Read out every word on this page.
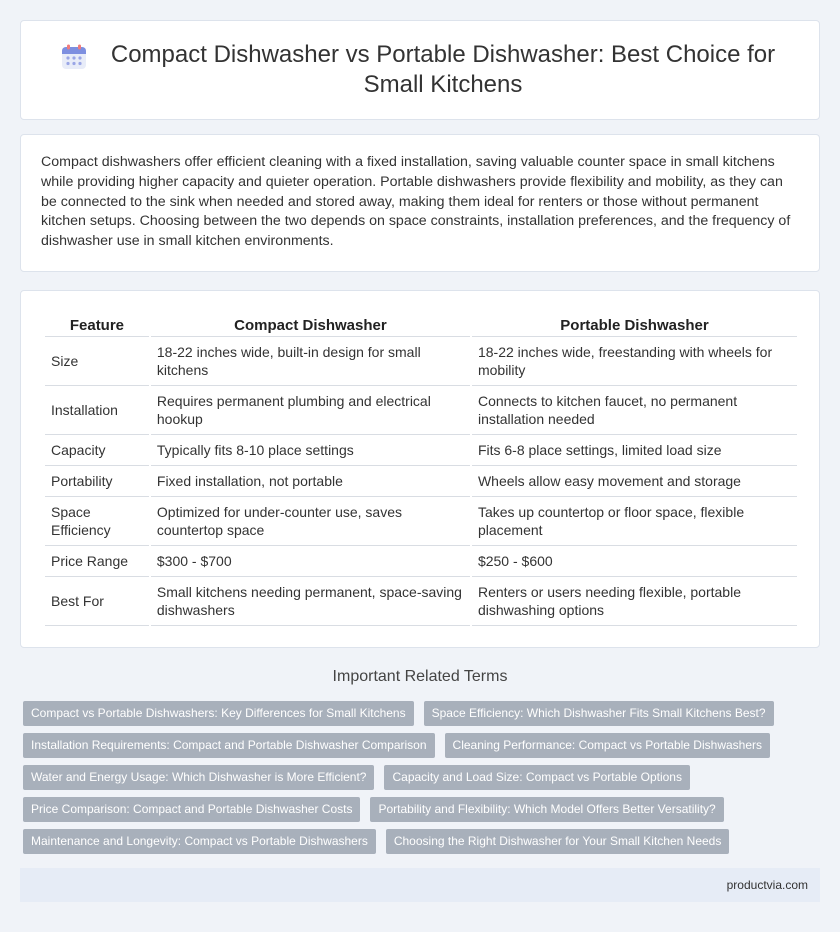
Compact Dishwasher vs Portable Dishwasher: Best Choice for Small Kitchens

Compact dishwashers offer efficient cleaning with a fixed installation, saving valuable counter space in small kitchens while providing higher capacity and quieter operation. Portable dishwashers provide flexibility and mobility, as they can be connected to the sink when needed and stored away, making them ideal for renters or those without permanent kitchen setups. Choosing between the two depends on space constraints, installation preferences, and the frequency of dishwasher use in small kitchen environments.

Feature	Compact Dishwasher	Portable Dishwasher
Size	18-22 inches wide, built-in design for small kitchens	18-22 inches wide, freestanding with wheels for mobility
Installation	Requires permanent plumbing and electrical hookup	Connects to kitchen faucet, no permanent installation needed
Capacity	Typically fits 8-10 place settings	Fits 6-8 place settings, limited load size
Portability	Fixed installation, not portable	Wheels allow easy movement and storage
Space Efficiency	Optimized for under-counter use, saves countertop space	Takes up countertop or floor space, flexible placement
Price Range	$300 - $700	$250 - $600
Best For	Small kitchens needing permanent, space-saving dishwashers	Renters or users needing flexible, portable dishwashing options
Important Related Terms
Compact vs Portable Dishwashers: Key Differences for Small Kitchens	Space Efficiency: Which Dishwasher Fits Small Kitchens Best?
Installation Requirements: Compact and Portable Dishwasher Comparison	Cleaning Performance: Compact vs Portable Dishwashers
Water and Energy Usage: Which Dishwasher is More Efficient?	Capacity and Load Size: Compact vs Portable Options
Price Comparison: Compact and Portable Dishwasher Costs	Portability and Flexibility: Which Model Offers Better Versatility?
Maintenance and Longevity: Compact vs Portable Dishwashers	Choosing the Right Dishwasher for Your Small Kitchen Needs
productvia.com
